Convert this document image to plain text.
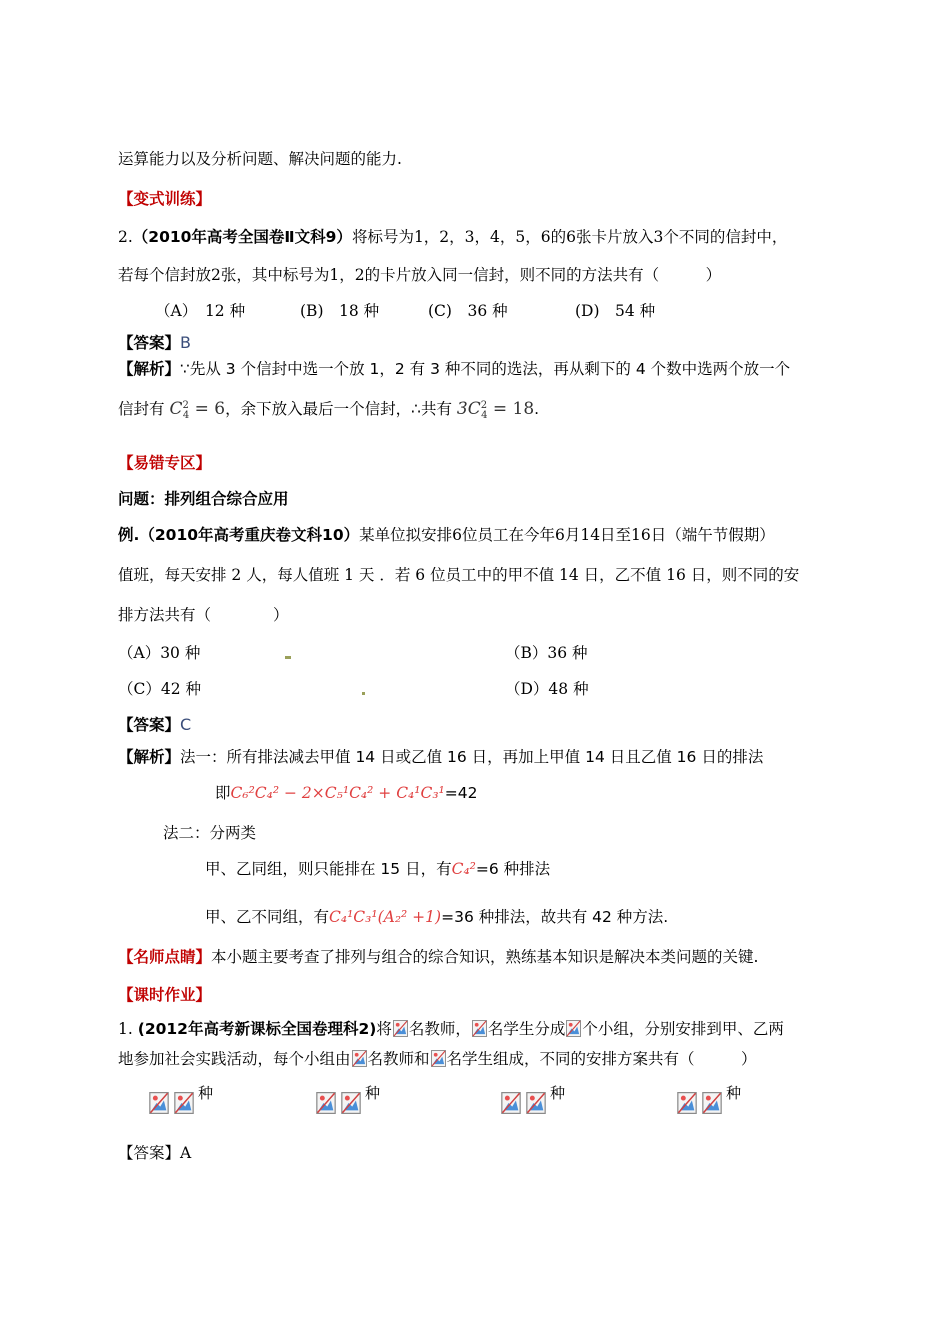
运算能力以及分析问题、解决问题的能力.
【变式训练】
2.（2010年高考全国卷Ⅱ文科9）将标号为1，2，3，4，5，6的6张卡片放入3个不同的信封中，
若每个信封放2张，其中标号为1，2的卡片放入同一信封，则不同的方法共有（　　　）
（A）　12 种	(B)　18 种	(C)　36 种	(D)　54 种
【答案】B
【解析】∵先从 3 个信封中选一个放 1，2 有 3 种不同的选法，再从剩下的 4 个数中选两个放一个
信封有 $C^2_4 = 6$，余下放入最后一个信封，∴共有 $3C^2_4 = 18$.
【易错专区】
问题：排列组合综合应用
例.（2010年高考重庆卷文科10）某单位拟安排6位员工在今年6月14日至16日（端午节假期）
值班，每天安排 2 人，每人值班 1 天 ．若 6 位员工中的甲不值 14 日，乙不值 16 日，则不同的安
排方法共有（　　　　）
（A）30 种	（B）36 种
（C）42 种	（D）48 种
【答案】C
【解析】法一：所有排法减去甲值 14 日或乙值 16 日，再加上甲值 14 日且乙值 16 日的排法
即C₆²C₄² − 2×C₅¹C₄² + C₄¹C₃¹=42
法二：分两类
甲、乙同组，则只能排在 15 日，有C₄²=6 种排法
甲、乙不同组，有C₄¹C₃¹(A₂² +1)=36 种排法，故共有 42 种方法.
【名师点睛】本小题主要考查了排列与组合的综合知识，熟练基本知识是解决本类问题的关键.
【课时作业】
1. (2012年高考新课标全国卷理科2)将 名教师， 名学生分成 个小组，分别安排到甲、乙两
地参加社会实践活动，每个小组由 名教师和 名学生组成，不同的安排方案共有（　　　）
种	种	种	种
【答案】A
